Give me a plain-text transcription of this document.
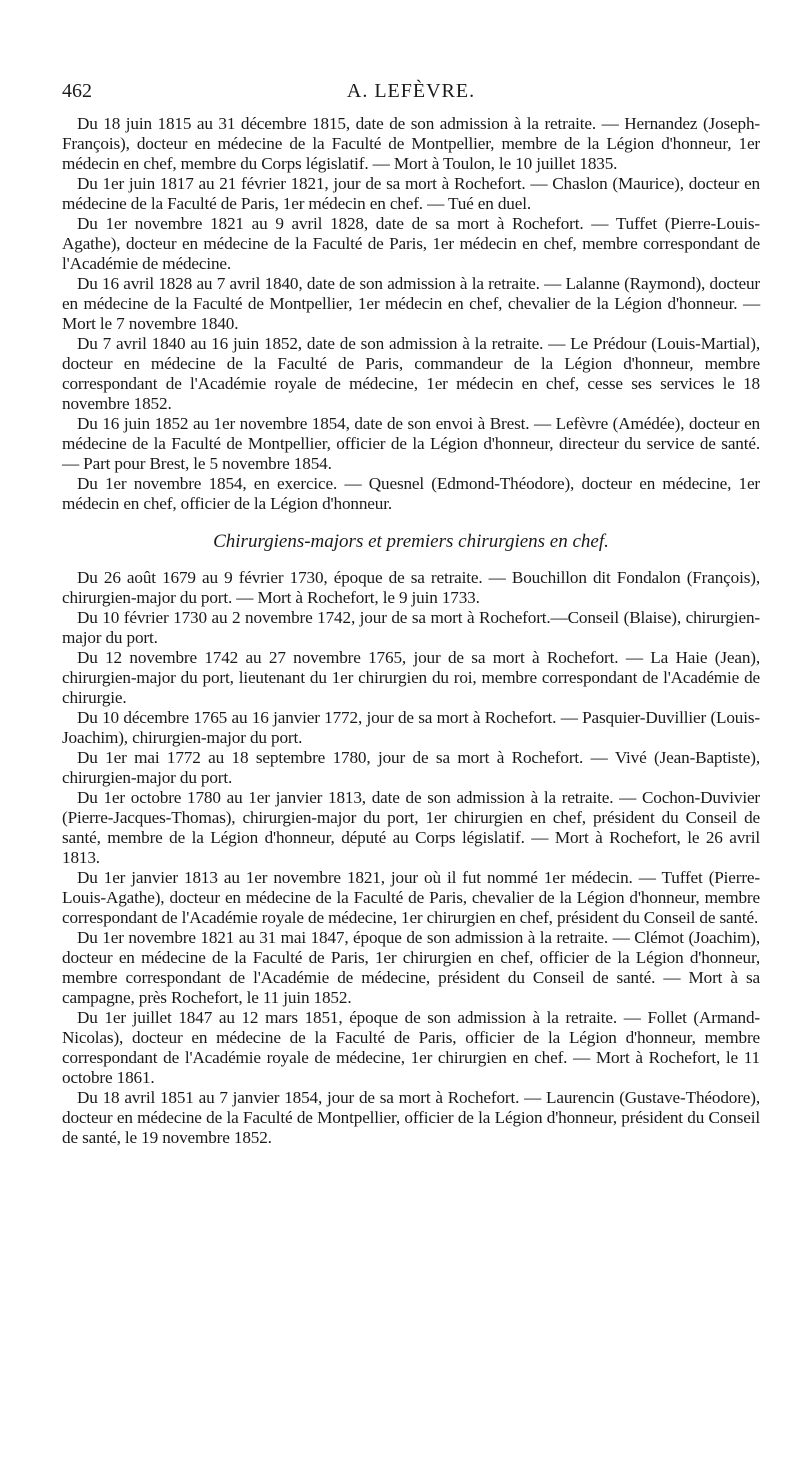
462	A. LEFÈVRE.

Du 18 juin 1815 au 31 décembre 1815, date de son admission à la retraite. — Hernandez (Joseph-François), docteur en médecine de la Faculté de Montpellier, membre de la Légion d'honneur, 1er médecin en chef, membre du Corps législatif. — Mort à Toulon, le 10 juillet 1835.

Du 1er juin 1817 au 21 février 1821, jour de sa mort à Rochefort. — Chaslon (Maurice), docteur en médecine de la Faculté de Paris, 1er médecin en chef. — Tué en duel.

Du 1er novembre 1821 au 9 avril 1828, date de sa mort à Rochefort. — Tuffet (Pierre-Louis-Agathe), docteur en médecine de la Faculté de Paris, 1er médecin en chef, membre correspondant de l'Académie de médecine.

Du 16 avril 1828 au 7 avril 1840, date de son admission à la retraite. — Lalanne (Raymond), docteur en médecine de la Faculté de Montpellier, 1er médecin en chef, chevalier de la Légion d'honneur. — Mort le 7 novembre 1840.

Du 7 avril 1840 au 16 juin 1852, date de son admission à la retraite. — Le Prédour (Louis-Martial), docteur en médecine de la Faculté de Paris, commandeur de la Légion d'honneur, membre correspondant de l'Académie royale de médecine, 1er médecin en chef, cesse ses services le 18 novembre 1852.

Du 16 juin 1852 au 1er novembre 1854, date de son envoi à Brest. — Lefèvre (Amédée), docteur en médecine de la Faculté de Montpellier, officier de la Légion d'honneur, directeur du service de santé. — Part pour Brest, le 5 novembre 1854.

Du 1er novembre 1854, en exercice. — Quesnel (Edmond-Théodore), docteur en médecine, 1er médecin en chef, officier de la Légion d'honneur.

Chirurgiens-majors et premiers chirurgiens en chef.

Du 26 août 1679 au 9 février 1730, époque de sa retraite. — Bouchillon dit Fondalon (François), chirurgien-major du port. — Mort à Rochefort, le 9 juin 1733.

Du 10 février 1730 au 2 novembre 1742, jour de sa mort à Rochefort.—Conseil (Blaise), chirurgien-major du port.

Du 12 novembre 1742 au 27 novembre 1765, jour de sa mort à Rochefort. — La Haie (Jean), chirurgien-major du port, lieutenant du 1er chirurgien du roi, membre correspondant de l'Académie de chirurgie.

Du 10 décembre 1765 au 16 janvier 1772, jour de sa mort à Rochefort. — Pasquier-Duvillier (Louis-Joachim), chirurgien-major du port.

Du 1er mai 1772 au 18 septembre 1780, jour de sa mort à Rochefort. — Vivé (Jean-Baptiste), chirurgien-major du port.

Du 1er octobre 1780 au 1er janvier 1813, date de son admission à la retraite. — Cochon-Duvivier (Pierre-Jacques-Thomas), chirurgien-major du port, 1er chirurgien en chef, président du Conseil de santé, membre de la Légion d'honneur, député au Corps législatif. — Mort à Rochefort, le 26 avril 1813.

Du 1er janvier 1813 au 1er novembre 1821, jour où il fut nommé 1er médecin. — Tuffet (Pierre-Louis-Agathe), docteur en médecine de la Faculté de Paris, chevalier de la Légion d'honneur, membre correspondant de l'Académie royale de médecine, 1er chirurgien en chef, président du Conseil de santé.

Du 1er novembre 1821 au 31 mai 1847, époque de son admission à la retraite. — Clémot (Joachim), docteur en médecine de la Faculté de Paris, 1er chirurgien en chef, officier de la Légion d'honneur, membre correspondant de l'Académie de médecine, président du Conseil de santé. — Mort à sa campagne, près Rochefort, le 11 juin 1852.

Du 1er juillet 1847 au 12 mars 1851, époque de son admission à la retraite. — Follet (Armand-Nicolas), docteur en médecine de la Faculté de Paris, officier de la Légion d'honneur, membre correspondant de l'Académie royale de médecine, 1er chirurgien en chef. — Mort à Rochefort, le 11 octobre 1861.

Du 18 avril 1851 au 7 janvier 1854, jour de sa mort à Rochefort. — Laurencin (Gustave-Théodore), docteur en médecine de la Faculté de Montpellier, officier de la Légion d'honneur, président du Conseil de santé, le 19 novembre 1852.
